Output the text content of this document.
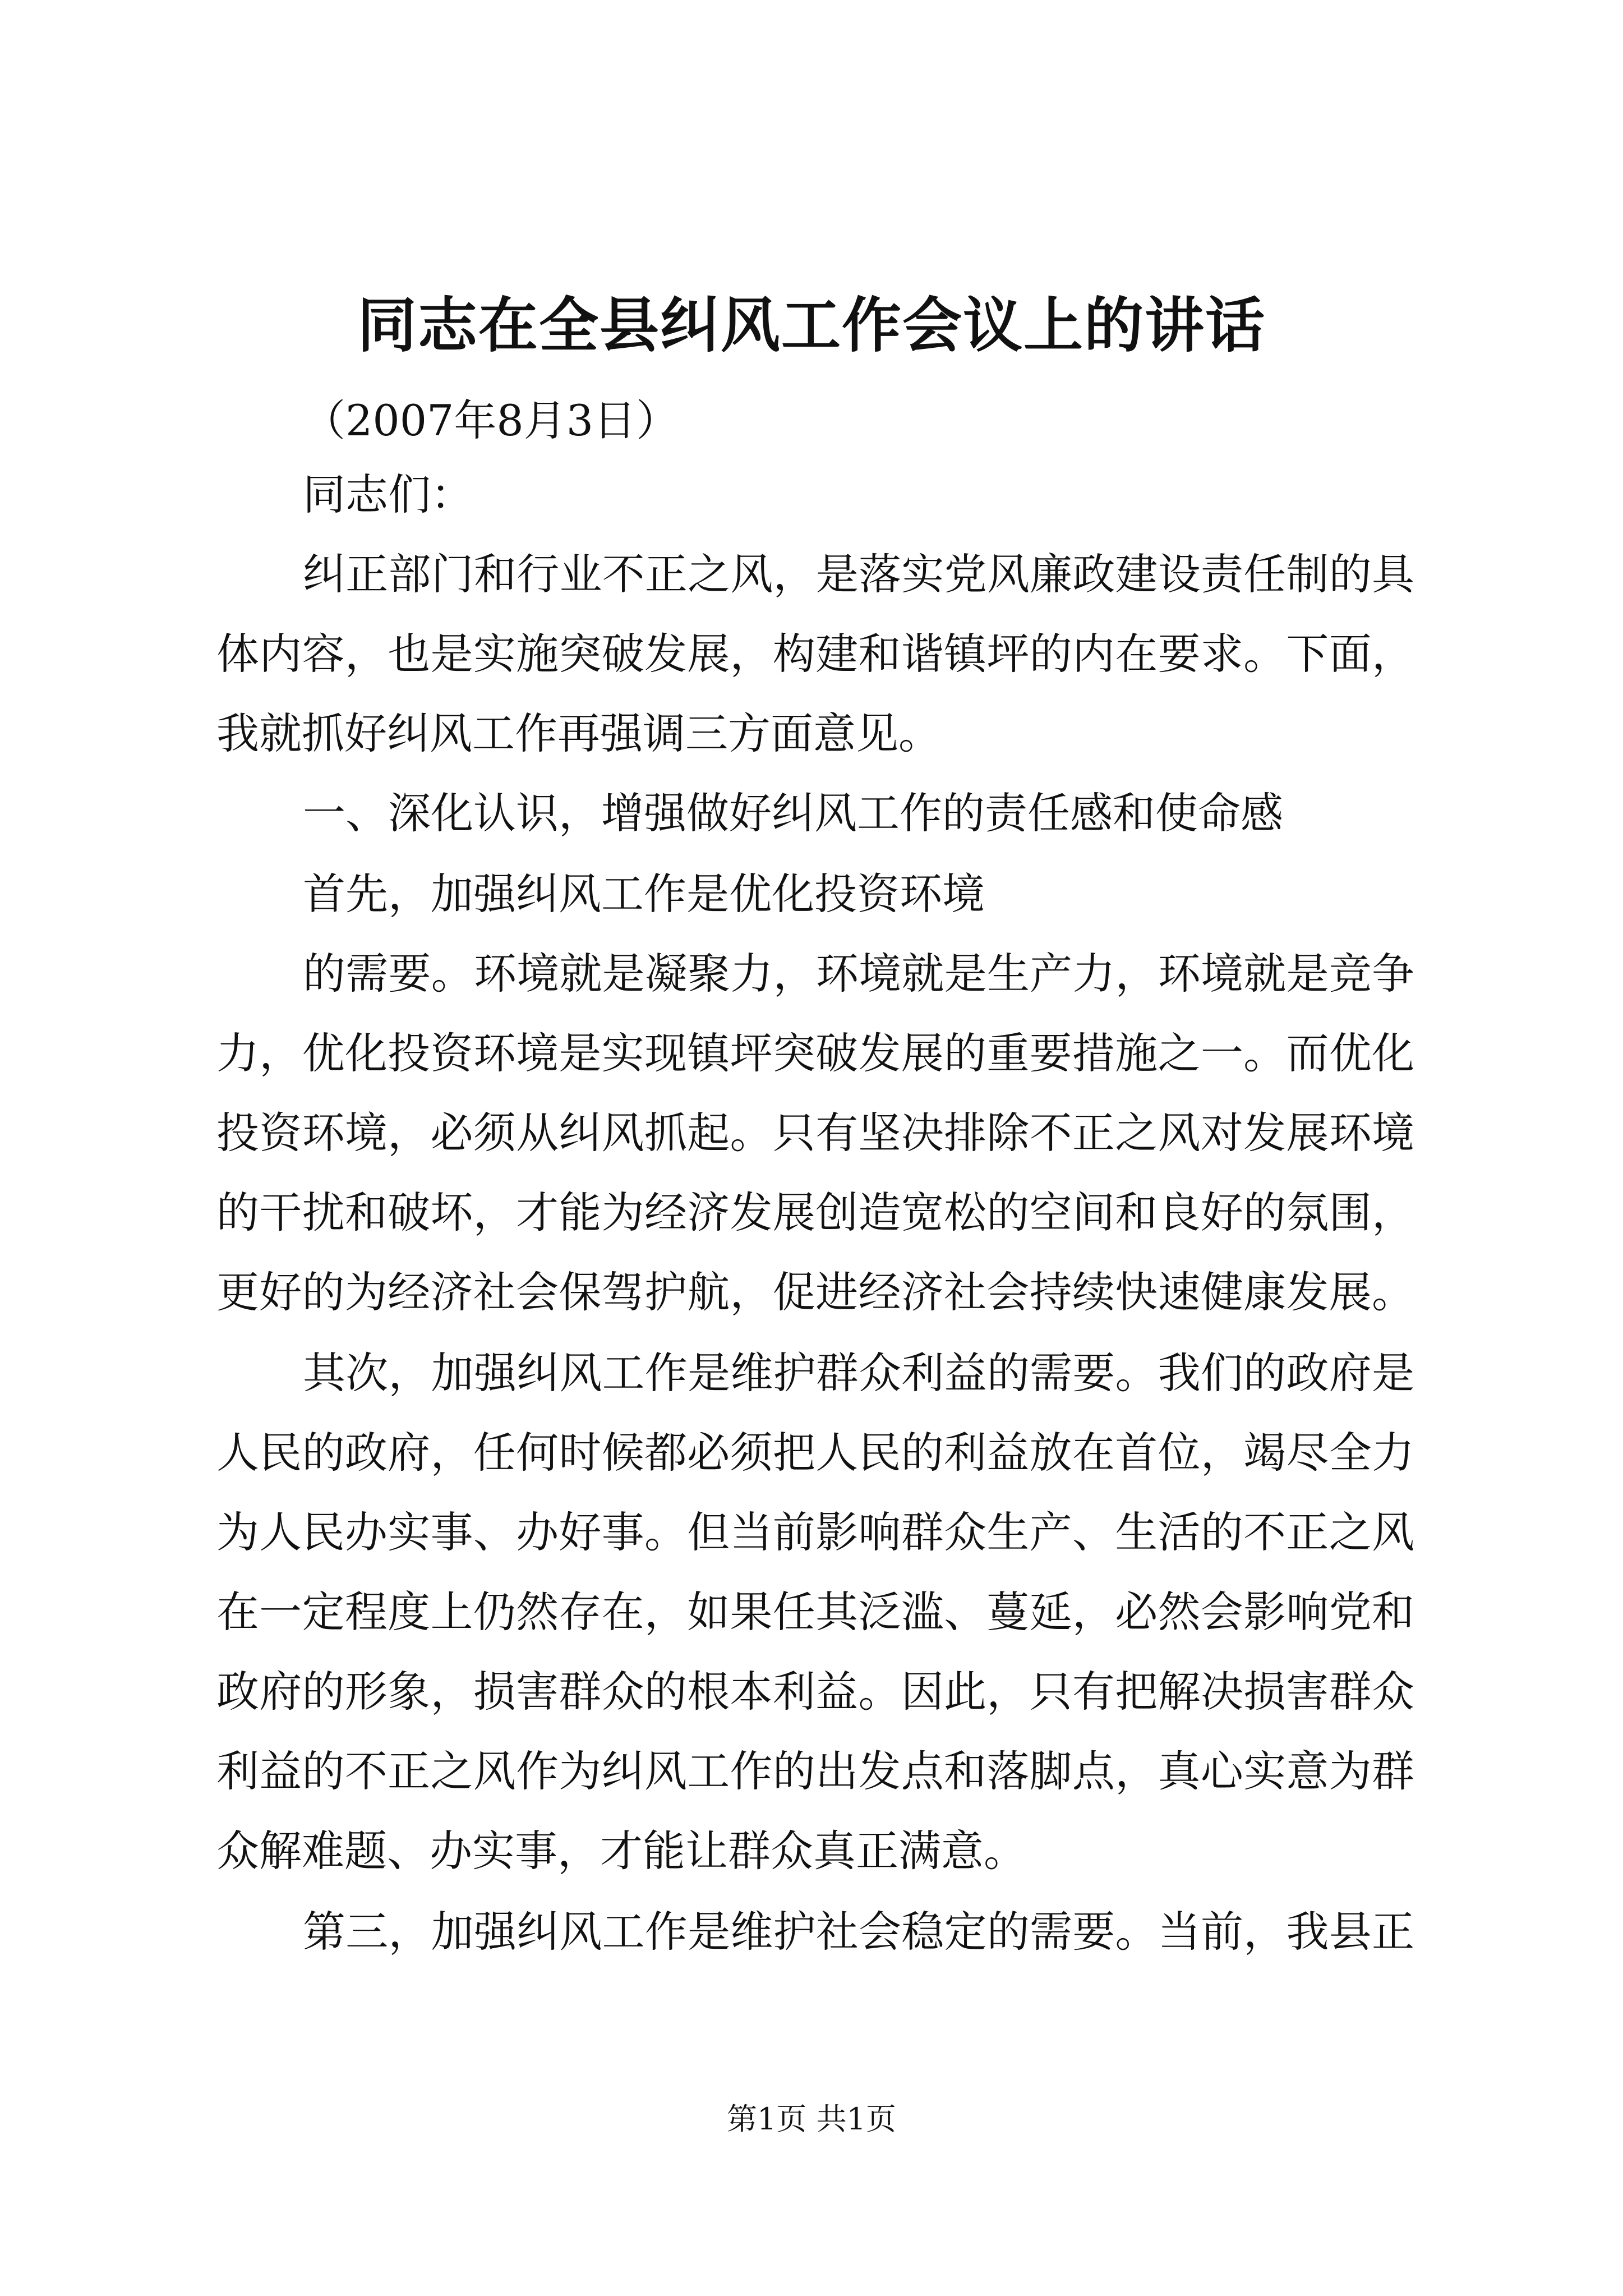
同志在全县纠风工作会议上的讲话

（2007年8月3日）

同志们：

纠正部门和行业不正之风，是落实党风廉政建设责任制的具

体内容，也是实施突破发展，构建和谐镇坪的内在要求。下面，

我就抓好纠风工作再强调三方面意见。

一、深化认识，增强做好纠风工作的责任感和使命感

首先，加强纠风工作是优化投资环境

的需要。环境就是凝聚力，环境就是生产力，环境就是竞争

力，优化投资环境是实现镇坪突破发展的重要措施之一。而优化

投资环境，必须从纠风抓起。只有坚决排除不正之风对发展环境

的干扰和破坏，才能为经济发展创造宽松的空间和良好的氛围，

更好的为经济社会保驾护航，促进经济社会持续快速健康发展。

其次，加强纠风工作是维护群众利益的需要。我们的政府是

人民的政府，任何时候都必须把人民的利益放在首位，竭尽全力

为人民办实事、办好事。但当前影响群众生产、生活的不正之风

在一定程度上仍然存在，如果任其泛滥、蔓延，必然会影响党和

政府的形象，损害群众的根本利益。因此，只有把解决损害群众

利益的不正之风作为纠风工作的出发点和落脚点，真心实意为群

众解难题、办实事，才能让群众真正满意。

第三，加强纠风工作是维护社会稳定的需要。当前，我县正

第1页 共1页
